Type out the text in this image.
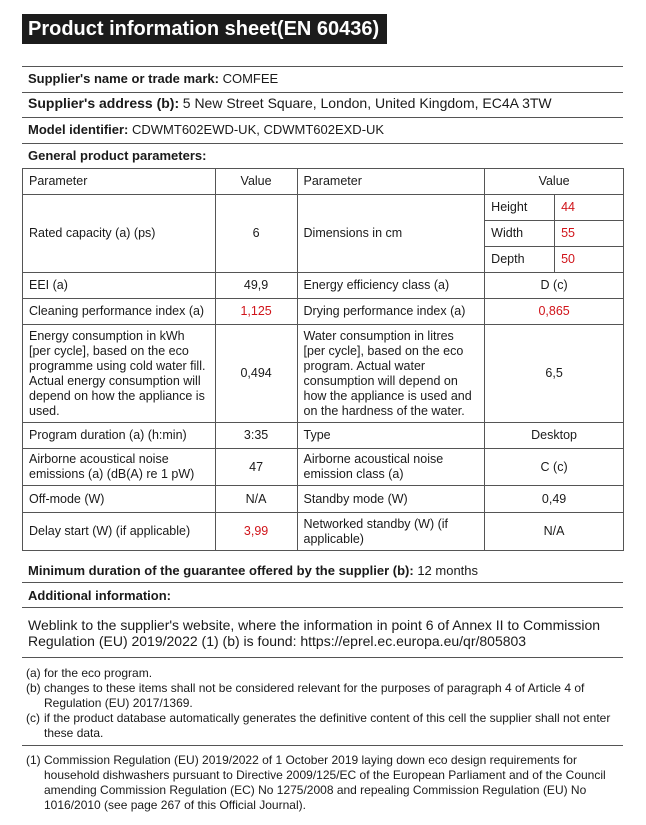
Product information sheet(EN 60436)
Supplier's name or trade mark: COMFEE
Supplier's address (b): 5 New Street Square, London, United Kingdom, EC4A 3TW
Model identifier: CDWMT602EWD-UK, CDWMT602EXD-UK
General product parameters:
Parameter	Value	Parameter	Value	
Rated capacity (a) (ps)	6	Dimensions in cm	Height	44
			Width	55
			Depth	50
EEI (a)	49,9	Energy efficiency class (a)	D (c)	
Cleaning performance index (a)	1,125	Drying performance index (a)	0,865	
Energy consumption in kWh [per cycle], based on the eco programme using cold water fill. Actual energy consumption will depend on how the appliance is used.	0,494	Water consumption in litres [per cycle], based on the eco program. Actual water consumption will depend on how the appliance is used and on the hardness of the water.	6,5	
Program duration (a) (h:min)	3:35	Type	Desktop	
Airborne acoustical noise emissions (a) (dB(A) re 1 pW)	47	Airborne acoustical noise emission class (a)	C (c)	
Off-mode (W)	N/A	Standby mode (W)	0,49	
Delay start (W) (if applicable)	3,99	Networked standby (W) (if applicable)	N/A	
Minimum duration of the guarantee offered by the supplier (b): 12 months
Additional information:
Weblink to the supplier's website, where the information in point 6 of Annex II to Commission Regulation (EU) 2019/2022 (1) (b) is found: https://eprel.ec.europa.eu/qr/805803
(a) for the eco program.
(b) changes to these items shall not be considered relevant for the purposes of paragraph 4 of Article 4 of Regulation (EU) 2017/1369.
(c) if the product database automatically generates the definitive content of this cell the supplier shall not enter these data.
(1) Commission Regulation (EU) 2019/2022 of 1 October 2019 laying down eco design requirements for household dishwashers pursuant to Directive 2009/125/EC of the European Parliament and of the Council amending Commission Regulation (EC) No 1275/2008 and repealing Commission Regulation (EU) No 1016/2010 (see page 267 of this Official Journal).
